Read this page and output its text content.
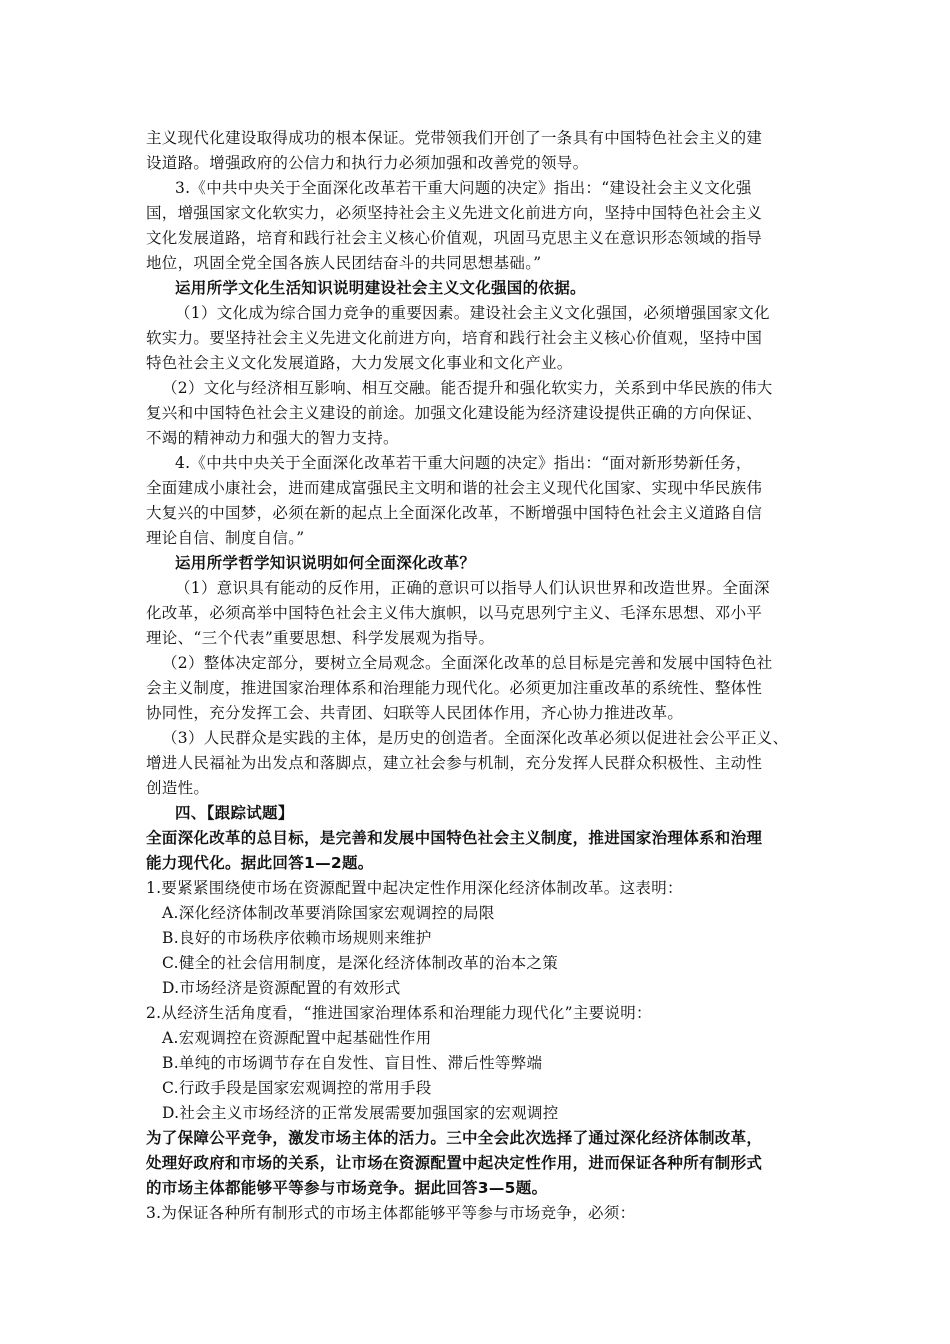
主义现代化建设取得成功的根本保证。党带领我们开创了一条具有中国特色社会主义的建
设道路。增强政府的公信力和执行力必须加强和改善党的领导。
3.《中共中央关于全面深化改革若干重大问题的决定》指出：“建设社会主义文化强
国，增强国家文化软实力，必须坚持社会主义先进文化前进方向，坚持中国特色社会主义
文化发展道路，培育和践行社会主义核心价值观，巩固马克思主义在意识形态领域的指导
地位，巩固全党全国各族人民团结奋斗的共同思想基础。”
运用所学文化生活知识说明建设社会主义文化强国的依据。
（1）文化成为综合国力竞争的重要因素。建设社会主义文化强国，必须增强国家文化
软实力。要坚持社会主义先进文化前进方向，培育和践行社会主义核心价值观，坚持中国
特色社会主义文化发展道路，大力发展文化事业和文化产业。
（2）文化与经济相互影响、相互交融。能否提升和强化软实力，关系到中华民族的伟大
复兴和中国特色社会主义建设的前途。加强文化建设能为经济建设提供正确的方向保证、
不竭的精神动力和强大的智力支持。
4.《中共中央关于全面深化改革若干重大问题的决定》指出：“面对新形势新任务，
全面建成小康社会，进而建成富强民主文明和谐的社会主义现代化国家、实现中华民族伟
大复兴的中国梦，必须在新的起点上全面深化改革，不断增强中国特色社会主义道路自信
理论自信、制度自信。”
运用所学哲学知识说明如何全面深化改革？
（1）意识具有能动的反作用，正确的意识可以指导人们认识世界和改造世界。全面深
化改革，必须高举中国特色社会主义伟大旗帜，以马克思列宁主义、毛泽东思想、邓小平
理论、“三个代表”重要思想、科学发展观为指导。
（2）整体决定部分，要树立全局观念。全面深化改革的总目标是完善和发展中国特色社
会主义制度，推进国家治理体系和治理能力现代化。必须更加注重改革的系统性、整体性
协同性，充分发挥工会、共青团、妇联等人民团体作用，齐心协力推进改革。
（3）人民群众是实践的主体，是历史的创造者。全面深化改革必须以促进社会公平正义、
增进人民福祉为出发点和落脚点，建立社会参与机制，充分发挥人民群众积极性、主动性
创造性。
四、【跟踪试题】
全面深化改革的总目标，是完善和发展中国特色社会主义制度，推进国家治理体系和治理
能力现代化。据此回答1—2题。
1.要紧紧围绕使市场在资源配置中起决定性作用深化经济体制改革。这表明：
A.深化经济体制改革要消除国家宏观调控的局限
B.良好的市场秩序依赖市场规则来维护
C.健全的社会信用制度，是深化经济体制改革的治本之策
D.市场经济是资源配置的有效形式
2.从经济生活角度看，“推进国家治理体系和治理能力现代化”主要说明：
A.宏观调控在资源配置中起基础性作用
B.单纯的市场调节存在自发性、盲目性、滞后性等弊端
C.行政手段是国家宏观调控的常用手段
D.社会主义市场经济的正常发展需要加强国家的宏观调控
为了保障公平竞争，激发市场主体的活力。三中全会此次选择了通过深化经济体制改革，
处理好政府和市场的关系，让市场在资源配置中起决定性作用，进而保证各种所有制形式
的市场主体都能够平等参与市场竞争。据此回答3—5题。
3.为保证各种所有制形式的市场主体都能够平等参与市场竞争，必须：
